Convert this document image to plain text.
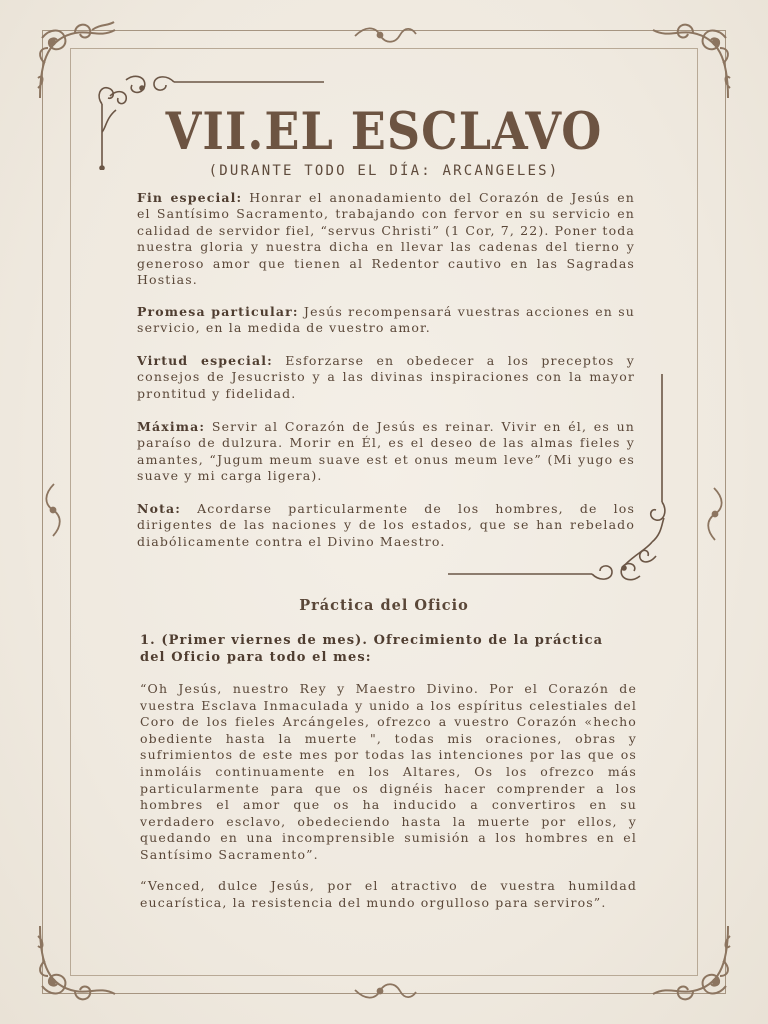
VII.EL ESCLAVO
(DURANTE TODO EL DÍA: ARCANGELES)
Fin especial: Honrar el anonadamiento del Corazón de Jesús en el Santísimo Sacramento, trabajando con fervor en su servicio en calidad de servidor fiel, “servus Christi” (1 Cor, 7, 22). Poner toda nuestra gloria y nuestra dicha en llevar las cadenas del tierno y generoso amor que tienen al Redentor cautivo en las Sagradas Hostias.
Promesa particular: Jesús recompensará vuestras acciones en su servicio, en la medida de vuestro amor.
Virtud especial: Esforzarse en obedecer a los preceptos y consejos de Jesucristo y a las divinas inspiraciones con la mayor prontitud y fidelidad.
Máxima: Servir al Corazón de Jesús es reinar. Vivir en él, es un paraíso de dulzura. Morir en Él, es el deseo de las almas fieles y amantes, “Jugum meum suave est et onus meum leve” (Mi yugo es suave y mi carga ligera).
Nota: Acordarse particularmente de los hombres, de los dirigentes de las naciones y de los estados, que se han rebelado diabólicamente contra el Divino Maestro.
Práctica del Oficio
1. (Primer viernes de mes). Ofrecimiento de la práctica del Oficio para todo el mes:
“Oh Jesús, nuestro Rey y Maestro Divino. Por el Corazón de vuestra Esclava Inmaculada y unido a los espíritus celestiales del Coro de los fieles Arcángeles, ofrezco a vuestro Corazón «hecho obediente hasta la muerte ", todas mis oraciones, obras y sufrimientos de este mes por todas las intenciones por las que os inmoláis continuamente en los Altares, Os los ofrezco más particularmente para que os dignéis hacer comprender a los hombres el amor que os ha inducido a convertiros en su verdadero esclavo, obedeciendo hasta la muerte por ellos, y quedando en una incomprensible sumisión a los hombres en el Santísimo Sacramento”.
“Venced, dulce Jesús, por el atractivo de vuestra humildad eucarística, la resistencia del mundo orgulloso para serviros”.
